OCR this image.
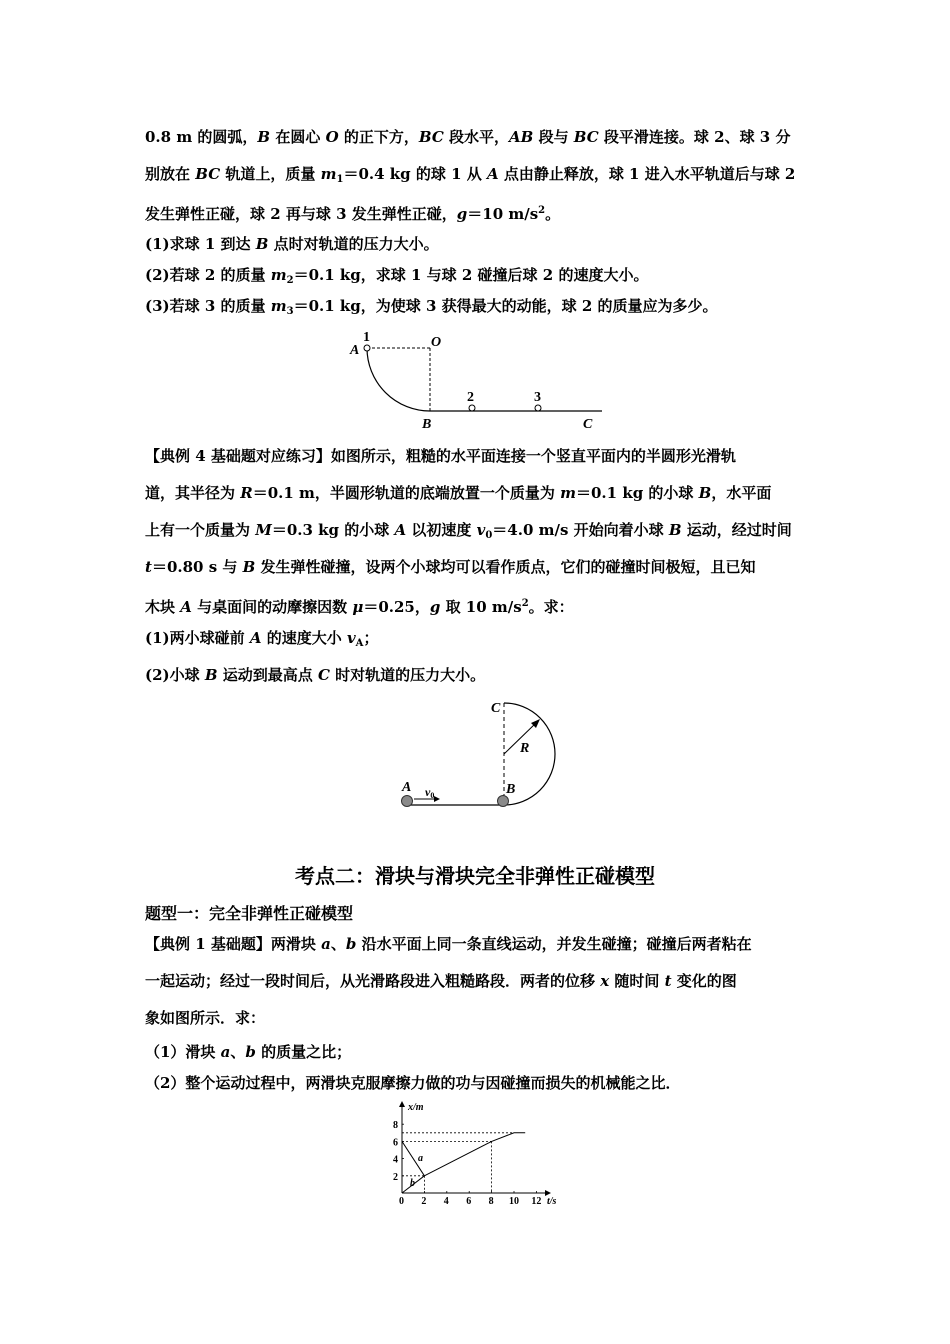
0.8 m 的圆弧，B 在圆心 O 的正下方，BC 段水平，AB 段与 BC 段平滑连接。球 2、球 3 分
别放在 BC 轨道上，质量 $m_1=0.4$ kg 的球 1 从 A 点由静止释放，球 1 进入水平轨道后与球 2
发生弹性正碰，球 2 再与球 3 发生弹性正碰，g＝10 $m/s^2$。
(1)求球 1 到达 B 点时对轨道的压力大小。
(2)若球 2 的质量 $m_2=0.1$ kg，求球 1 与球 2 碰撞后球 2 的速度大小。
(3)若球 3 的质量 $m_3=0.1$ kg，为使球 3 获得最大的动能，球 2 的质量应为多少。
1
A
O
2	3
B	C
【典例 4 基础题对应练习】如图所示，粗糙的水平面连接一个竖直平面内的半圆形光滑轨
道，其半径为 R＝0.1 m，半圆形轨道的底端放置一个质量为 m＝0.1 kg 的小球 B，水平面
上有一个质量为 M＝0.3 kg 的小球 A 以初速度 $v_0=4.0$ m/s 开始向着小球 B 运动，经过时间
t＝0.80 s 与 B 发生弹性碰撞，设两个小球均可以看作质点，它们的碰撞时间极短，且已知
木块 A 与桌面间的动摩擦因数 μ＝0.25，g 取 10 $m/s^2$。求：
(1)两小球碰前 A 的速度大小 $v_A$；
(2)小球 B 运动到最高点 C 时对轨道的压力大小。
C
R
A v0	B
考点二：滑块与滑块完全非弹性正碰模型
题型一：完全非弹性正碰模型
【典例 1 基础题】两滑块 a、b 沿水平面上同一条直线运动，并发生碰撞；碰撞后两者粘在
一起运动；经过一段时间后，从光滑路段进入粗糙路段．两者的位移 x 随时间 t 变化的图
象如图所示．求：
（1）滑块 a、b 的质量之比；
（2）整个运动过程中，两滑块克服摩擦力做的功与因碰撞而损失的机械能之比．
0 2 4 6 8 10 12
2
4
6
8
x/m
t/s
a
b
